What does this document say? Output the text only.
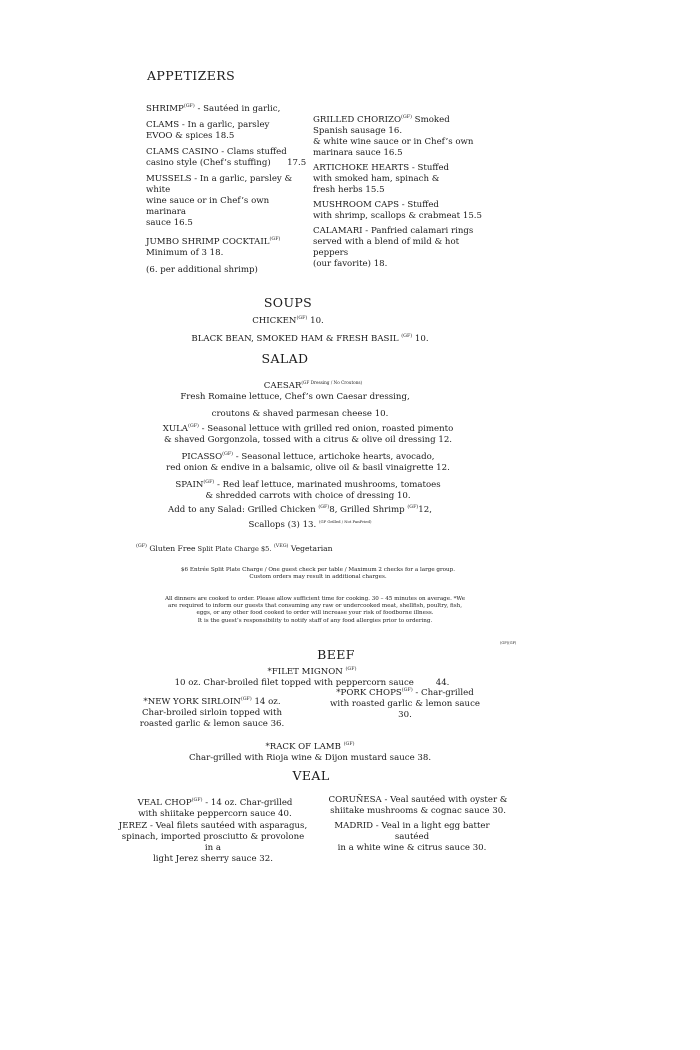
APPETIZERS
$SHRIMP^{(GF)}$ - Sautéed in garlic,
CLAMS - In a garlic, parsley
EVOO & spices 18.5
CLAMS CASINO - Clams stuffed
casino style (Chef’s stuffing)      17.5
MUSSELS - In a garlic, parsley & white
wine sauce or in Chef’s own marinara
sauce 16.5
JUMBO SHRIMP $COCKTAIL^{(GF)}$
Minimum of 3 18.
(6. per additional shrimp)
GRILLED $CHORIZO^{(GF)}$ Smoked
Spanish sausage 16.
& white wine sauce or in Chef’s own
marinara sauce 16.5
ARTICHOKE HEARTS - Stuffed
with smoked ham, spinach &
fresh herbs 15.5
MUSHROOM CAPS - Stuffed
with shrimp, scallops & crabmeat 15.5
CALAMARI - Panfried calamari rings
served with a blend of mild & hot peppers
(our favorite) 18.
SOUPS
$CHICKEN^{(GF)}$ 10.
BLACK BEAN, SMOKED HAM & FRESH BASIL $^{(GF)}$ 10.
SALAD
$CAESAR^{(GF Dressing / No Croutons)}$
Fresh Romaine lettuce, Chef’s own Caesar dressing,
croutons & shaved parmesan cheese 10.
$XULA^{(GF)}$ - Seasonal lettuce with grilled red onion, roasted pimento
& shaved Gorgonzola, tossed with a citrus & olive oil dressing 12.
$PICASSO^{(GF)}$ - Seasonal lettuce, artichoke hearts, avocado,
red onion & endive in a balsamic, olive oil & basil vinaigrette 12.
$SPAIN^{(GF)}$ - Red leaf lettuce, marinated mushrooms, tomatoes
& shredded carrots with choice of dressing 10.
Add to any Salad: Grilled Chicken $^{(GF)}$8, Grilled Shrimp $^{(GF)}$12,
Scallops (3) 13. $^{(GF Grilled / Not PanFried)}$
$^{(GF)}$ Gluten Free Split Plate Charge $5. $^{(VEG)}$ Vegetarian
$6 Entrée Split Plate Charge / One guest check per table / Maximum 2 checks for a large group.
Custom orders may result in additional charges.
All dinners are cooked to order. Please allow sufficient time for cooking. 30 – 45 minutes on average. *We
are required to inform our guests that consuming any raw or undercooked meat, shellfish, poultry, fish,
eggs, or any other food cooked to order will increase your risk of foodborne illness.
It is the guest’s responsibility to notify staff of any food allergies prior to ordering.
(GF)(GF)
BEEF
*FILET MIGNON $^{(GF)}$
10 oz. Char-broiled filet topped with peppercorn sauce        44.
*PORK $CHOPS^{(GF)}$ - Char-grilled
with roasted garlic & lemon sauce 30.
*NEW YORK $SIRLOIN^{(GF)}$ 14 oz.
Char-broiled sirloin topped with
roasted garlic & lemon sauce 36.
*RACK OF LAMB $^{(GF)}$
Char-grilled with Rioja wine & Dijon mustard sauce 38.
VEAL
VEAL $CHOP^{(GF)} - 14$ oz. Char-grilled
with shiitake peppercorn sauce 40.
CORUÑESA - Veal sautéed with oyster &
shiitake mushrooms & cognac sauce 30.
JEREZ - Veal filets sautéed with asparagus,
spinach, imported prosciutto & provolone in a
light Jerez sherry sauce 32.
MADRID - Veal in a light egg batter sautéed
in a white wine & citrus sauce 30.
